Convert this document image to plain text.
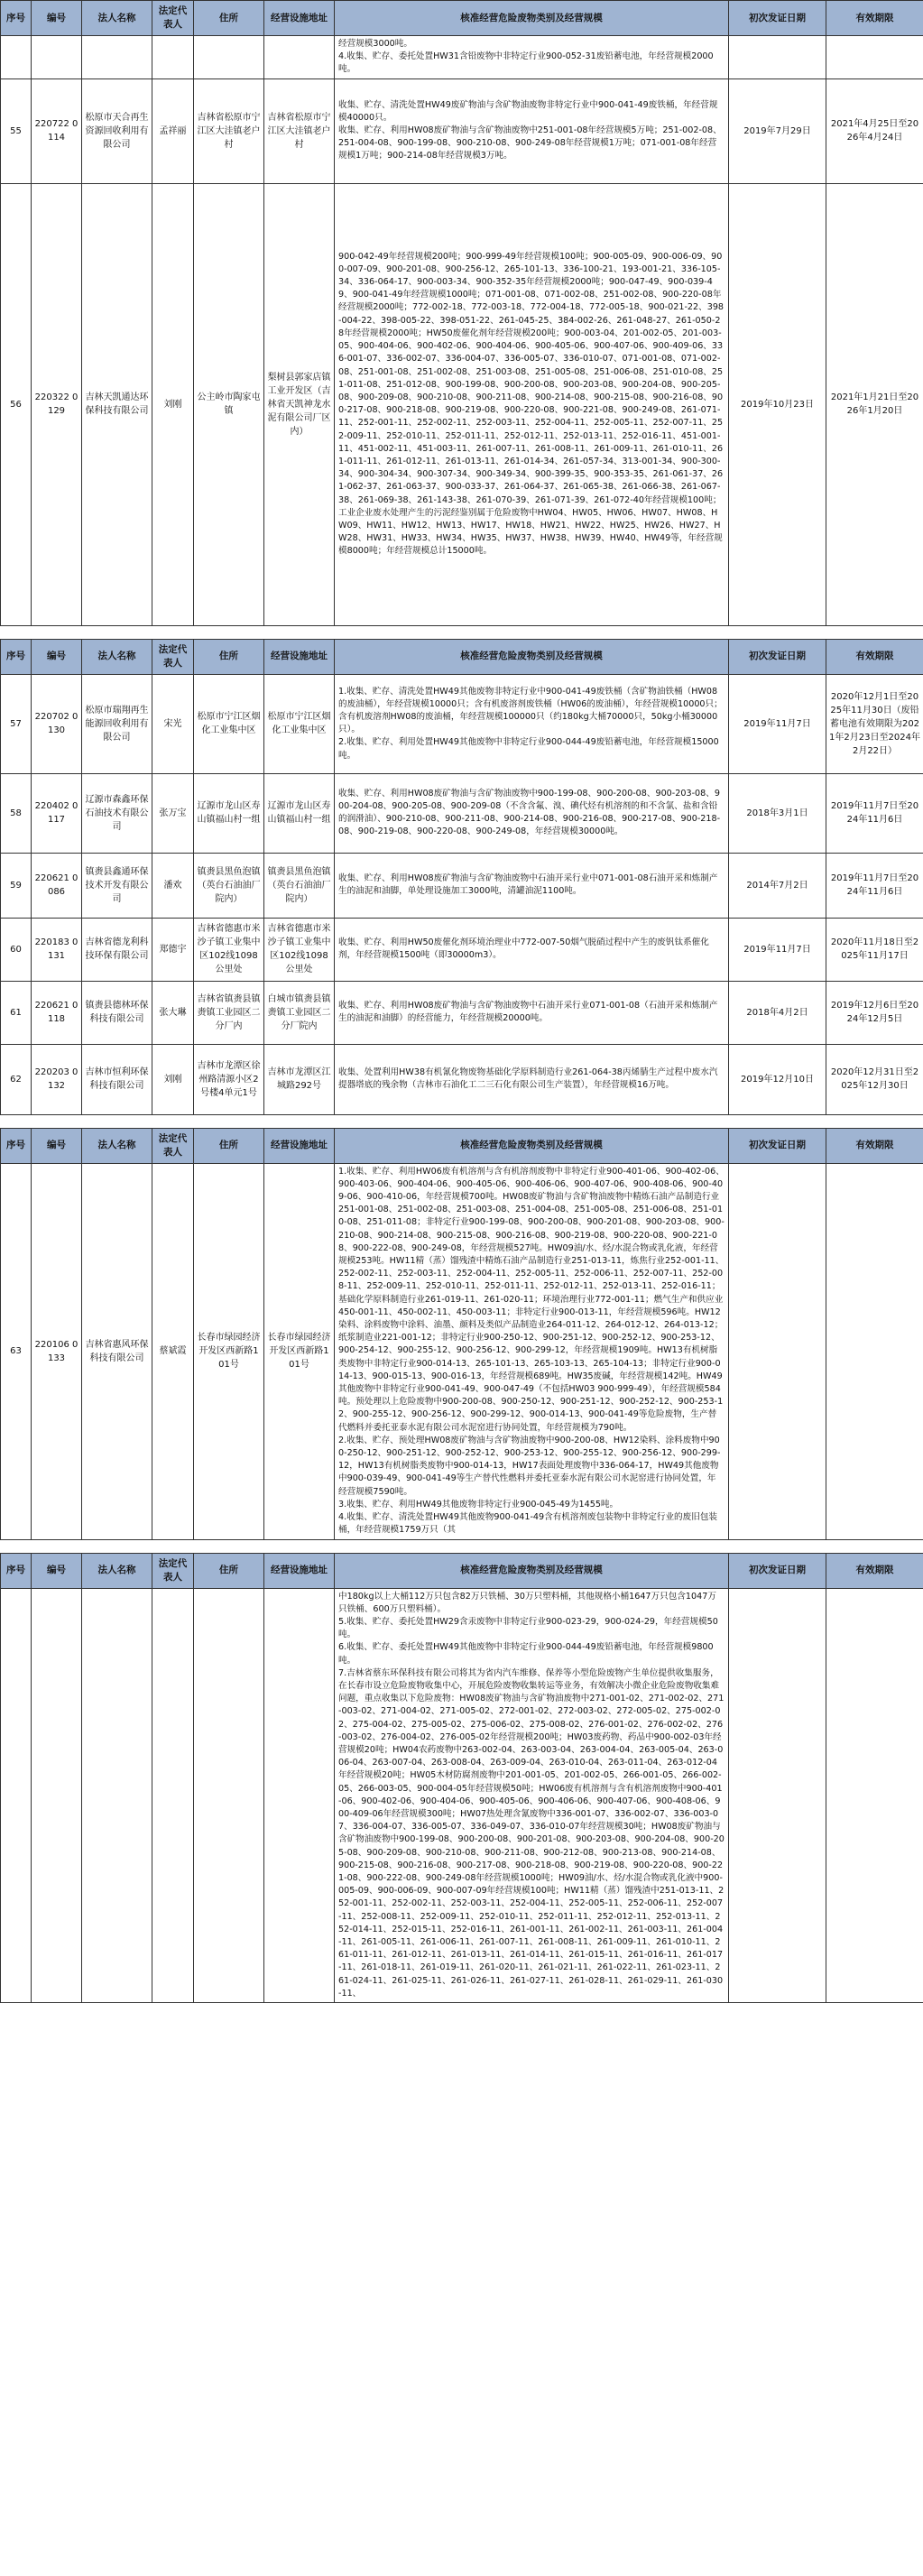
序号	编号	法人名称	法定代表人	住所	经营设施地址	核准经营危险废物类别及经营规模	初次发证日期	有效期限
						经营规模3000吨。
4.收集、贮存、委托处置HW31含铅废物中非特定行业900-052-31废铅蓄电池，年经营规模2000吨。		
55	220722 0114	松原市天合再生资源回收利用有限公司	孟祥丽	吉林省松原市宁江区大洼镇老户村	吉林省松原市宁江区大洼镇老户村	收集、贮存、清洗处置HW49废矿物油与含矿物油废物非特定行业中900-041-49废铁桶，年经营规模40000只。
收集、贮存、利用HW08废矿物油与含矿物油废物中251-001-08年经营规模5万吨；251-002-08、251-004-08、900-199-08、900-210-08、900-249-08年经营规模1万吨；071-001-08年经营规模1万吨；900-214-08年经营规模3万吨。	2019年7月29日	2021年4月25日至2026年4月24日
56	220322 0129	吉林天凯通达环保科技有限公司	刘刚	公主岭市陶家屯镇	梨树县郭家店镇工业开发区（吉林省天凯神龙水泥有限公司厂区内）	900-042-49年经营规模200吨；900-999-49年经营规模100吨；900-005-09、900-006-09、900-007-09、900-201-08、900-256-12、265-101-13、336-100-21、193-001-21、336-105-34、336-064-17、900-003-34、900-352-35年经营规模2000吨；900-047-49、900-039-49、900-041-49年经营规模1000吨；071-001-08、071-002-08、251-002-08、900-220-08年经营规模2000吨；772-002-18、772-003-18、772-004-18、772-005-18、900-021-22、398-004-22、398-005-22、398-051-22、261-045-25、384-002-26、261-048-27、261-050-28年经营规模2000吨；HW50废催化剂年经营规模200吨；900-003-04、201-002-05、201-003-05、900-404-06、900-402-06、900-404-06、900-405-06、900-407-06、900-409-06、336-001-07、336-002-07、336-004-07、336-005-07、336-010-07、071-001-08、071-002-08、251-001-08、251-002-08、251-003-08、251-005-08、251-006-08、251-010-08、251-011-08、251-012-08、900-199-08、900-200-08、900-203-08、900-204-08、900-205-08、900-209-08、900-210-08、900-211-08、900-214-08、900-215-08、900-216-08、900-217-08、900-218-08、900-219-08、900-220-08、900-221-08、900-249-08、261-071-11、252-001-11、252-002-11、252-003-11、252-004-11、252-005-11、252-007-11、252-009-11、252-010-11、252-011-11、252-012-11、252-013-11、252-016-11、451-001-11、451-002-11、451-003-11、261-007-11、261-008-11、261-009-11、261-010-11、261-011-11、261-012-11、261-013-11、261-014-34、261-057-34、313-001-34、900-300-34、900-304-34、900-307-34、900-349-34、900-399-35、900-353-35、261-061-37、261-062-37、261-063-37、900-033-37、261-064-37、261-065-38、261-066-38、261-067-38、261-069-38、261-143-38、261-070-39、261-071-39、261-072-40年经营规模100吨；工业企业废水处理产生的污泥经鉴别属于危险废物中HW04、HW05、HW06、HW07、HW08、HW09、HW11、HW12、HW13、HW17、HW18、HW21、HW22、HW25、HW26、HW27、HW28、HW31、HW33、HW34、HW35、HW37、HW38、HW39、HW40、HW49等，年经营规模8000吨；年经营规模总计15000吨。	2019年10月23日	2021年1月21日至2026年1月20日
序号	编号	法人名称	法定代表人	住所	经营设施地址	核准经营危险废物类别及经营规模	初次发证日期	有效期限
57	220702 0130	松原市瑞翔再生能源回收利用有限公司	宋光	松原市宁江区烟化工业集中区	松原市宁江区烟化工业集中区	1.收集、贮存、清洗处置HW49其他废物非特定行业中900-041-49废铁桶（含矿物油铁桶（HW08的废油桶），年经营规模10000只；含有机废溶剂废铁桶（HW06的废油桶），年经营规模10000只；含有机废溶剂HW08的废油桶，年经营规模100000只（约180kg大桶70000只，50kg小桶30000只）。
2.收集、贮存、利用处置HW49其他废物中非特定行业900-044-49废铅蓄电池，年经营规模15000吨。	2019年11月7日	2020年12月1日至2025年11月30日（废铅蓄电池有效期限为2021年2月23日至2024年2月22日）
58	220402 0117	辽源市森鑫环保石油技术有限公司	张万宝	辽源市龙山区寿山镇福山村一组	辽源市龙山区寿山镇福山村一组	收集、贮存、利用HW08废矿物油与含矿物油废物中900-199-08、900-200-08、900-203-08、900-204-08、900-205-08、900-209-08（不含含氟、溴、碘代烃有机溶剂的和不含氯、盐和含铅的润滑油）、900-210-08、900-211-08、900-214-08、900-216-08、900-217-08、900-218-08、900-219-08、900-220-08、900-249-08，年经营规模30000吨。	2018年3月1日	2019年11月7日至2024年11月6日
59	220621 0086	镇赉县鑫通环保技术开发有限公司	潘欢	镇赉县黑鱼泡镇（英台石油油厂院内）	镇赉县黑鱼泡镇（英台石油油厂院内）	收集、贮存、利用HW08废矿物油与含矿物油废物中石油开采行业中071-001-08石油开采和炼制产生的油泥和油脚，单处理设施加工3000吨，清罐油泥1100吨。	2014年7月2日	2019年11月7日至2024年11月6日
60	220183 0131	吉林省德龙利科技环保有限公司	郑德宇	吉林省德惠市米沙子镇工业集中区102线1098公里处	吉林省德惠市米沙子镇工业集中区102线1098公里处	收集、贮存、利用HW50废催化剂环境治理业中772-007-50烟气脱硝过程中产生的废钒钛系催化剂，年经营规模1500吨（即30000m3）。	2019年11月7日	2020年11月18日至2025年11月17日
61	220621 0118	镇赉县德林环保科技有限公司	张大琳	吉林省镇赉县镇赉镇工业园区二分厂内	白城市镇赉县镇赉镇工业园区二分厂院内	收集、贮存、利用HW08废矿物油与含矿物油废物中石油开采行业071-001-08（石油开采和炼制产生的油泥和油脚）的经营能力，年经营规模20000吨。	2018年4月2日	2019年12月6日至2024年12月5日
62	220203 0132	吉林市恒利环保科技有限公司	刘刚	吉林市龙潭区徐州路清源小区2号楼4单元1号	吉林市龙潭区江城路292号	收集、处置利用HW38有机氰化物废物基础化学原料制造行业261-064-38丙烯腈生产过程中废水汽提器塔底的残余物（吉林市石油化工二三石化有限公司生产装置），年经营规模16万吨。	2019年12月10日	2020年12月31日至2025年12月30日
序号	编号	法人名称	法定代表人	住所	经营设施地址	核准经营危险废物类别及经营规模	初次发证日期	有效期限
63	220106 0133	吉林省惠风环保科技有限公司	蔡斌霞	长春市绿园经济开发区西新路101号	长春市绿园经济开发区西新路101号	1.收集、贮存、利用HW06废有机溶剂与含有机溶剂废物中非特定行业900-401-06、900-402-06、900-403-06、900-404-06、900-405-06、900-406-06、900-407-06、900-408-06、900-409-06、900-410-06，年经营规模700吨。HW08废矿物油与含矿物油废物中精炼石油产品制造行业251-001-08、251-002-08、251-003-08、251-004-08、251-005-08、251-006-08、251-010-08、251-011-08；非特定行业900-199-08、900-200-08、900-201-08、900-203-08、900-210-08、900-214-08、900-215-08、900-216-08、900-219-08、900-220-08、900-221-08、900-222-08、900-249-08，年经营规模527吨。HW09油/水、烃/水混合物或乳化液，年经营规模253吨。HW11精（蒸）馏残渣中精炼石油产品制造行业251-013-11，炼焦行业252-001-11、252-002-11、252-003-11、252-004-11、252-005-11、252-006-11、252-007-11、252-008-11、252-009-11、252-010-11、252-011-11、252-012-11、252-013-11、252-016-11；基础化学原料制造行业261-019-11、261-020-11；环境治理行业772-001-11；燃气生产和供应业450-001-11、450-002-11、450-003-11；非特定行业900-013-11，年经营规模596吨。HW12染料、涂料废物中涂料、油墨、颜料及类似产品制造业264-011-12、264-012-12、264-013-12；纸浆制造业221-001-12；非特定行业900-250-12、900-251-12、900-252-12、900-253-12、900-254-12、900-255-12、900-256-12、900-299-12，年经营规模1909吨。HW13有机树脂类废物中非特定行业900-014-13、265-101-13、265-103-13、265-104-13；非特定行业900-014-13、900-015-13、900-016-13，年经营规模689吨。HW35废碱，年经营规模142吨。HW49其他废物中非特定行业900-041-49、900-047-49（不包括HW03 900-999-49），年经营规模584吨。预处理以上危险废物中900-200-08、900-250-12、900-251-12、900-252-12、900-253-12、900-255-12、900-256-12、900-299-12、900-014-13、900-041-49等危险废物，生产替代燃料并委托亚泰水泥有限公司水泥窑进行协同处置，年经营规模为790吨。
2.收集、贮存、预处理HW08废矿物油与含矿物油废物中900-200-08、HW12染料、涂料废物中900-250-12、900-251-12、900-252-12、900-253-12、900-255-12、900-256-12、900-299-12，HW13有机树脂类废物中900-014-13，HW17表面处理废物中336-064-17，HW49其他废物中900-039-49、900-041-49等生产替代性燃料并委托亚泰水泥有限公司水泥窑进行协同处置，年经营规模7590吨。
3.收集、贮存、利用HW49其他废物非特定行业900-045-49为1455吨。
4.收集、贮存、清洗处置HW49其他废物900-041-49含有机溶剂废包装物中非特定行业的废旧包装桶，年经营规模1759万只（其		
序号	编号	法人名称	法定代表人	住所	经营设施地址	核准经营危险废物类别及经营规模	初次发证日期	有效期限
						中180kg以上大桶112万只包含82万只铁桶、30万只塑料桶，其他规格小桶1647万只包含1047万只铁桶、600万只塑料桶）。
5.收集、贮存、委托处置HW29含汞废物中非特定行业900-023-29，900-024-29，年经营规模50吨。
6.收集、贮存、委托处置HW49其他废物中非特定行业900-044-49废铅蓄电池，年经营规模9800吨。
7.吉林省蔡东环保科技有限公司将其为省内汽车维修、保养等小型危险废物产生单位提供收集服务，在长春市设立危险废物收集中心，开展危险废物收集转运等业务，有效解决小微企业危险废物收集难问题，重点收集以下危险废物：HW08废矿物油与含矿物油废物中271-001-02、271-002-02、271-003-02、271-004-02、271-005-02、272-001-02、272-003-02、272-005-02、275-002-02、275-004-02、275-005-02、275-006-02、275-008-02、276-001-02、276-002-02、276-003-02、276-004-02、276-005-02年经营规模200吨；HW03废药物、药品中900-002-03年经营规模20吨；HW04农药废物中263-002-04、263-003-04、263-004-04、263-005-04、263-006-04、263-007-04、263-008-04、263-009-04、263-010-04、263-011-04、263-012-04年经营规模20吨；HW05木材防腐剂废物中201-001-05、201-002-05、266-001-05、266-002-05、266-003-05、900-004-05年经营规模50吨；HW06废有机溶剂与含有机溶剂废物中900-401-06、900-402-06、900-404-06、900-405-06、900-406-06、900-407-06、900-408-06、900-409-06年经营规模300吨；HW07热处理含氰废物中336-001-07、336-002-07、336-003-07、336-004-07、336-005-07、336-049-07、336-010-07年经营规模30吨；HW08废矿物油与含矿物油废物中900-199-08、900-200-08、900-201-08、900-203-08、900-204-08、900-205-08、900-209-08、900-210-08、900-211-08、900-212-08、900-213-08、900-214-08、900-215-08、900-216-08、900-217-08、900-218-08、900-219-08、900-220-08、900-221-08、900-222-08、900-249-08年经营规模1000吨；HW09油/水、烃/水混合物或乳化液中900-005-09、900-006-09、900-007-09年经营规模100吨；HW11精（蒸）馏残渣中251-013-11、252-001-11、252-002-11、252-003-11、252-004-11、252-005-11、252-006-11、252-007-11、252-008-11、252-009-11、252-010-11、252-011-11、252-012-11、252-013-11、252-014-11、252-015-11、252-016-11、261-001-11、261-002-11、261-003-11、261-004-11、261-005-11、261-006-11、261-007-11、261-008-11、261-009-11、261-010-11、261-011-11、261-012-11、261-013-11、261-014-11、261-015-11、261-016-11、261-017-11、261-018-11、261-019-11、261-020-11、261-021-11、261-022-11、261-023-11、261-024-11、261-025-11、261-026-11、261-027-11、261-028-11、261-029-11、261-030-11、		
